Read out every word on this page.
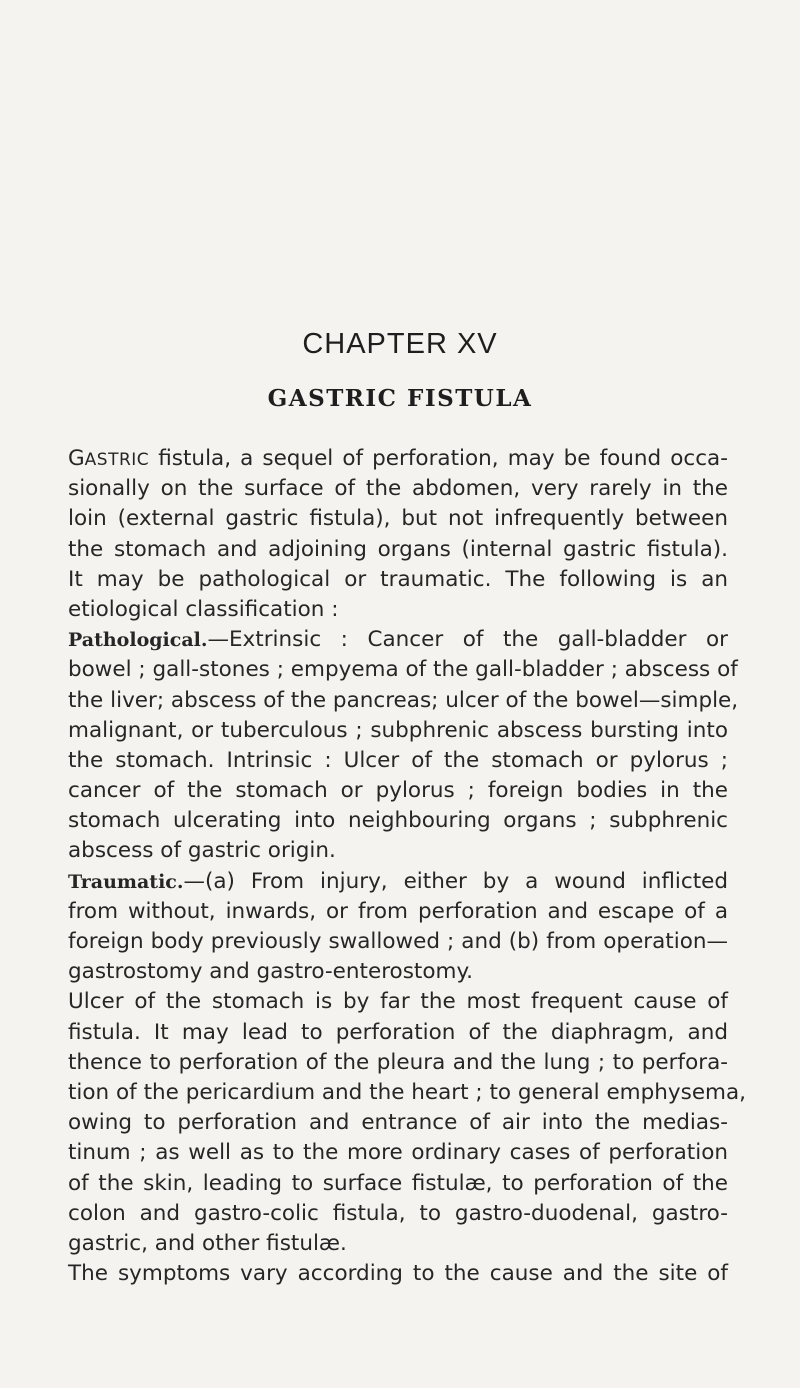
CHAPTER XV
GASTRIC FISTULA
GASTRIC fistula, a sequel of perforation, may be found occa-
sionally on the surface of the abdomen, very rarely in the
loin (external gastric fistula), but not infrequently between
the stomach and adjoining organs (internal gastric fistula).
It may be pathological or traumatic. The following is an
etiological classification :
Pathological.—Extrinsic : Cancer of the gall-bladder or
bowel ; gall-stones ; empyema of the gall-bladder ; abscess of
the liver; abscess of the pancreas; ulcer of the bowel—simple,
malignant, or tuberculous ; subphrenic abscess bursting into
the stomach. Intrinsic : Ulcer of the stomach or pylorus ;
cancer of the stomach or pylorus ; foreign bodies in the
stomach ulcerating into neighbouring organs ; subphrenic
abscess of gastric origin.
Traumatic.—(a) From injury, either by a wound inflicted
from without, inwards, or from perforation and escape of a
foreign body previously swallowed ; and (b) from operation—
gastrostomy and gastro-enterostomy.
Ulcer of the stomach is by far the most frequent cause of
fistula. It may lead to perforation of the diaphragm, and
thence to perforation of the pleura and the lung ; to perfora-
tion of the pericardium and the heart ; to general emphysema,
owing to perforation and entrance of air into the medias-
tinum ; as well as to the more ordinary cases of perforation
of the skin, leading to surface fistulæ, to perforation of the
colon and gastro-colic fistula, to gastro-duodenal, gastro-
gastric, and other fistulæ.
The symptoms vary according to the cause and the site of
